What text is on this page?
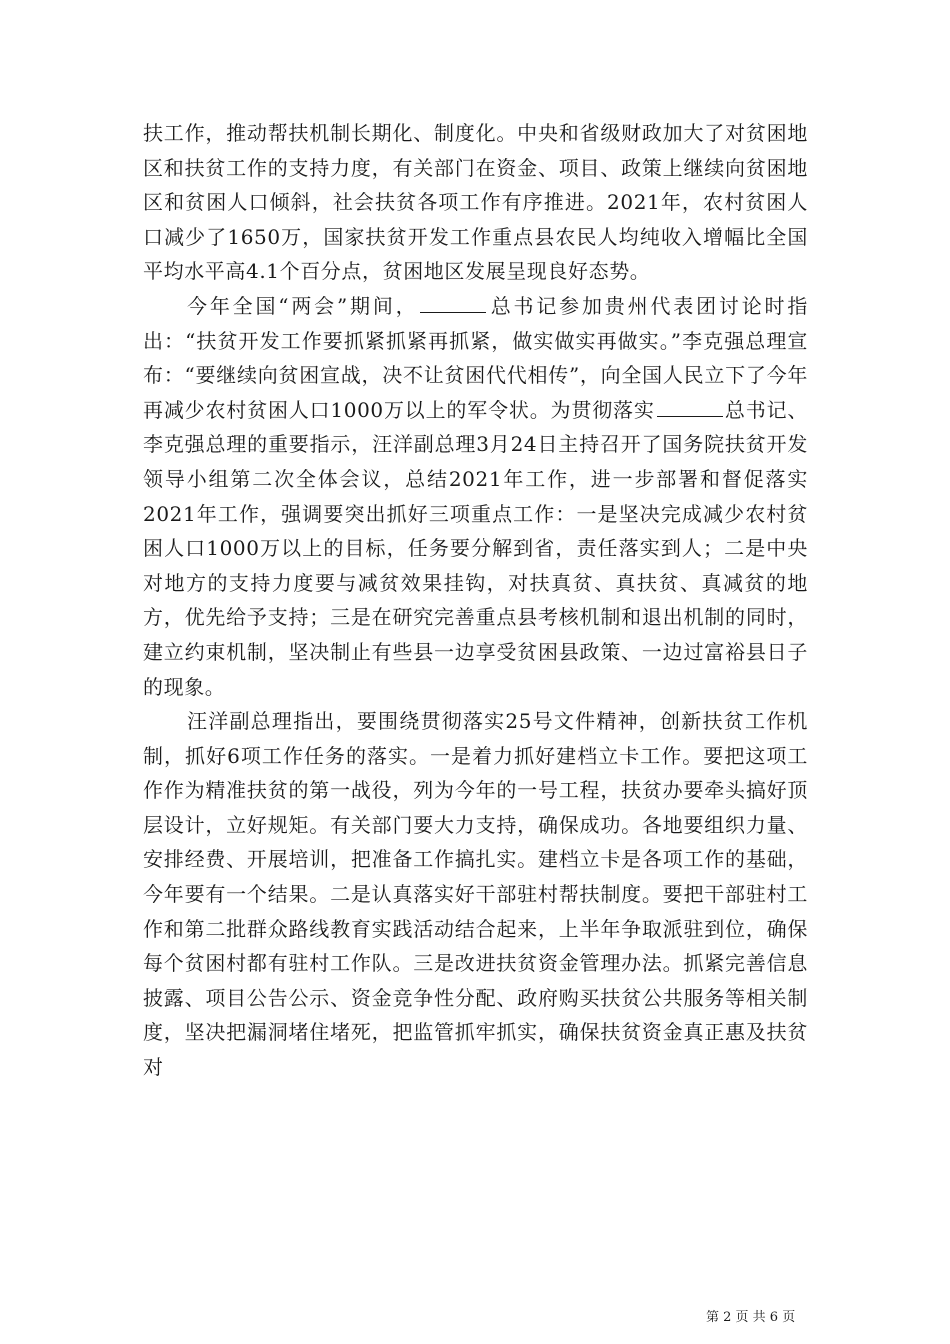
扶工作，推动帮扶机制长期化、制度化。中央和省级财政加大了对贫困地区和扶贫工作的支持力度，有关部门在资金、项目、政策上继续向贫困地区和贫困人口倾斜，社会扶贫各项工作有序推进。2021年，农村贫困人口减少了1650万，国家扶贫开发工作重点县农民人均纯收入增幅比全国平均水平高4.1个百分点，贫困地区发展呈现良好态势。

今年全国“两会”期间，	总书记参加贵州代表团讨论时指出：“扶贫开发工作要抓紧抓紧再抓紧，做实做实再做实。”李克强总理宣布：“要继续向贫困宣战，决不让贫困代代相传”，向全国人民立下了今年再减少农村贫困人口1000万以上的军令状。为贯彻落实	总书记、李克强总理的重要指示，汪洋副总理3月24日主持召开了国务院扶贫开发领导小组第二次全体会议，总结2021年工作，进一步部署和督促落实2021年工作，强调要突出抓好三项重点工作：一是坚决完成减少农村贫困人口1000万以上的目标，任务要分解到省，责任落实到人；二是中央对地方的支持力度要与减贫效果挂钩，对扶真贫、真扶贫、真减贫的地方，优先给予支持；三是在研究完善重点县考核机制和退出机制的同时，建立约束机制，坚决制止有些县一边享受贫困县政策、一边过富裕县日子的现象。

汪洋副总理指出，要围绕贯彻落实25号文件精神，创新扶贫工作机制，抓好6项工作任务的落实。一是着力抓好建档立卡工作。要把这项工作作为精准扶贫的第一战役，列为今年的一号工程，扶贫办要牵头搞好顶层设计，立好规矩。有关部门要大力支持，确保成功。各地要组织力量、安排经费、开展培训，把准备工作搞扎实。建档立卡是各项工作的基础，今年要有一个结果。二是认真落实好干部驻村帮扶制度。要把干部驻村工作和第二批群众路线教育实践活动结合起来，上半年争取派驻到位，确保每个贫困村都有驻村工作队。三是改进扶贫资金管理办法。抓紧完善信息披露、项目公告公示、资金竞争性分配、政府购买扶贫公共服务等相关制度，坚决把漏洞堵住堵死，把监管抓牢抓实，确保扶贫资金真正惠及扶贫对

第 2 页 共 6 页
